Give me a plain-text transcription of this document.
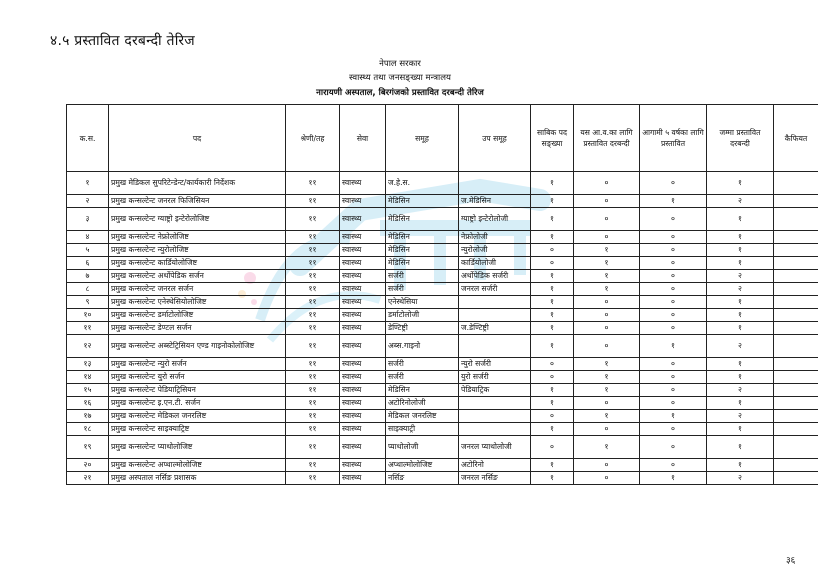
४.५ प्रस्तावित दरबन्दी तेरिज
नेपाल सरकार
स्वास्थ्य तथा जनसङ्ख्या मन्त्रालय
नारायणी अस्पताल, बिरगंजको प्रस्तावित दरबन्दी तेरिज
क.स.	पद	श्रेणी/तह	सेवा	समूह	उप समूह	साबिक पद सङ्ख्या	यस आ.व.का लागि प्रस्तावित दरबन्दी	आगामी ५ वर्षका लागि प्रस्तावित	जम्मा प्रस्तावित दरबन्दी	कैफियत
१	प्रमुख मेडिकल सुपरिटेन्डेन्ट/कार्यकारी निर्देशक	११	स्वास्थ्य	ज.हे.स.		१	०	०	१	
२	प्रमुख कन्सल्टेन्ट जनरल फिजिसियन	११	स्वास्थ्य	मेडिसिन	ज.मेडिसिन	१	०	१	२	
३	प्रमुख कन्सल्टेन्ट ग्याष्ट्रो इन्टेरोलोजिष्ट	११	स्वास्थ्य	मेडिसिन	ग्याष्ट्रो इन्टेरोलोजी	१	०	०	१	
४	प्रमुख कन्सल्टेन्ट नेफ्रोलोजिष्ट	११	स्वास्थ्य	मेडिसिन	नेफ्रोलोजी	१	०	०	१	
५	प्रमुख कन्सल्टेन्ट न्युरोलोजिष्ट	११	स्वास्थ्य	मेडिसिन	न्युरोलोजी	०	१	०	१	
६	प्रमुख कन्सल्टेन्ट कार्डियोलोजिष्ट	११	स्वास्थ्य	मेडिसिन	कार्डियोलोजी	०	१	०	१	
७	प्रमुख कन्सल्टेन्ट अर्थोपेडिक सर्जन	११	स्वास्थ्य	सर्जरी	अर्थोपेडिक सर्जरी	१	१	०	२	
८	प्रमुख कन्सल्टेन्ट जनरल सर्जन	११	स्वास्थ्य	सर्जरी	जनरल सर्जरी	१	१	०	२	
९	प्रमुख कन्सल्टेन्ट एनेस्थेसियोलोजिष्ट	११	स्वास्थ्य	एनेस्थेसिया		१	०	०	१	
१०	प्रमुख कन्सल्टेन्ट डर्माटोलोजिष्ट	११	स्वास्थ्य	डर्माटोलोजी		१	०	०	१	
११	प्रमुख कन्सल्टेन्ट डेण्टल सर्जन	११	स्वास्थ्य	डेण्टिष्ट्री	ज.डेण्टिष्ट्री	१	०	०	१	
१२	प्रमुख कन्सल्टेन्ट अब्स्टेट्रिसियन एण्ड गाइनोकोलोजिष्ट	११	स्वास्थ्य	अब्स.गाइनो		१	०	१	२	
१३	प्रमुख कन्सल्टेन्ट न्युरो सर्जन	११	स्वास्थ्य	सर्जरी	न्युरो सर्जरी	०	१	०	१	
१४	प्रमुख कन्सल्टेन्ट युरो सर्जन	११	स्वास्थ्य	सर्जरी	युरो सर्जरी	०	१	०	१	
१५	प्रमुख कन्सल्टेन्ट पेडियाट्रिसियन	११	स्वास्थ्य	मेडिसिन	पेडियाट्रिक	१	१	०	२	
१६	प्रमुख कन्सल्टेन्ट इ.एन.टी. सर्जन	११	स्वास्थ्य	अटोरिनोलोजी		१	०	०	१	
१७	प्रमुख कन्सल्टेन्ट मेडिकल जनरलिष्ट	११	स्वास्थ्य	मेडिकल जनरलिष्ट		०	१	१	२	
१८	प्रमुख कन्सल्टेन्ट साइक्याट्रिष्ट	११	स्वास्थ्य	साइक्याट्री		१	०	०	१	
१९	प्रमुख कन्सल्टेन्ट प्याथोलोजिष्ट	११	स्वास्थ्य	प्याथोलोजी	जनरल प्याथोलोजी	०	१	०	१	
२०	प्रमुख कन्सल्टेन्ट अप्थाल्मोलोजिष्ट	११	स्वास्थ्य	अप्थाल्मोलोजिष्ट	अटोरिनो	१	०	०	१	
२१	प्रमुख अस्पताल नर्सिङ प्रशासक	११	स्वास्थ्य	नर्सिङ	जनरल नर्सिङ	१	०	१	२	
३६
